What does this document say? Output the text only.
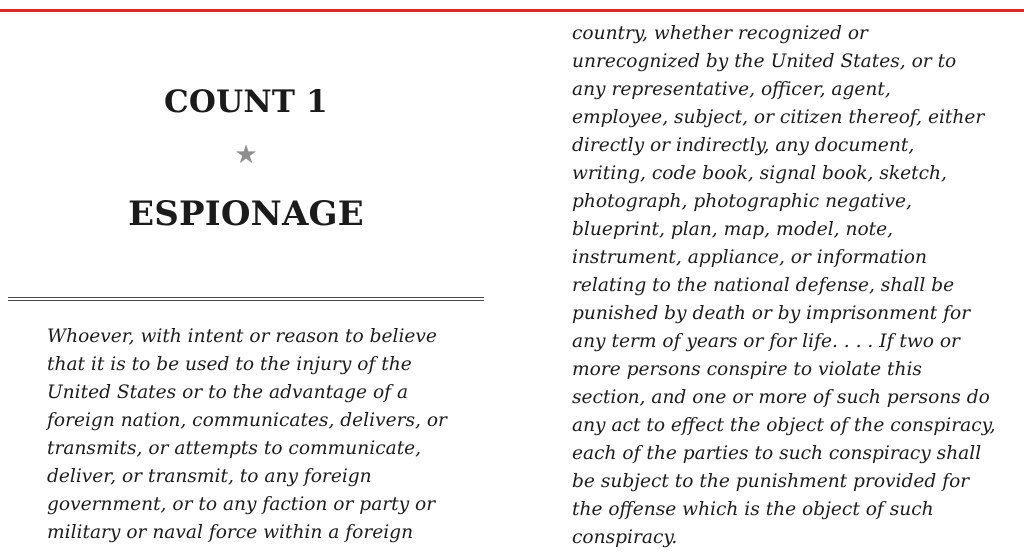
COUNT 1
★
ESPIONAGE
Whoever, with intent or reason to believe
that it is to be used to the injury of the
United States or to the advantage of a
foreign nation, communicates, delivers, or
transmits, or attempts to communicate,
deliver, or transmit, to any foreign
government, or to any faction or party or
military or naval force within a foreign
country, whether recognized or
unrecognized by the United States, or to
any representative, officer, agent,
employee, subject, or citizen thereof, either
directly or indirectly, any document,
writing, code book, signal book, sketch,
photograph, photographic negative,
blueprint, plan, map, model, note,
instrument, appliance, or information
relating to the national defense, shall be
punished by death or by imprisonment for
any term of years or for life. . . . If two or
more persons conspire to violate this
section, and one or more of such persons do
any act to effect the object of the conspiracy,
each of the parties to such conspiracy shall
be subject to the punishment provided for
the offense which is the object of such
conspiracy.
